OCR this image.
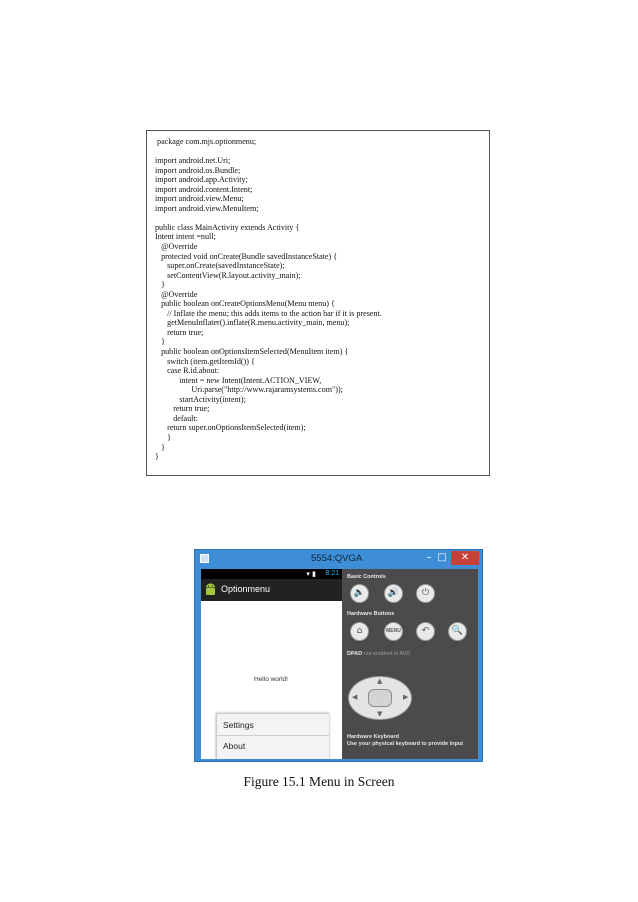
package com.mjs.optionmenu;
import android.net.Uri;
import android.os.Bundle;
import android.app.Activity;
import android.content.Intent;
import android.view.Menu;
import android.view.MenuItem;
public class MainActivity extends Activity {
Intent intent =null;
@Override
protected void onCreate(Bundle savedInstanceState) {
super.onCreate(savedInstanceState);
setContentView(R.layout.activity_main);
}
@Override
public boolean onCreateOptionsMenu(Menu menu) {
// Inflate the menu; this adds items to the action bar if it is present.
getMenuInflater().inflate(R.menu.activity_main, menu);
return true;
}
public boolean onOptionsItemSelected(MenuItem item) {
switch (item.getItemId()) {
case R.id.about:
intent = new Intent(Intent.ACTION_VIEW,
Uri.parse("http://www.rajaramsystems.com"));
startActivity(intent);
return true;
default:
return super.onOptionsItemSelected(item);
}
}
}
5554:QVGA	– □	✕
▾ ▮ 8:21
Optionmenu
Hello world!
Settings
About
Basic Controls
🔈	🔊	⏻
Hardware Buttons
⌂	MENU	↶	🔍
DPAD not enabled in AVD
▲
▼
◀	▶
Hardware Keyboard
Use your physical keyboard to provide input
Figure 15.1 Menu in Screen
